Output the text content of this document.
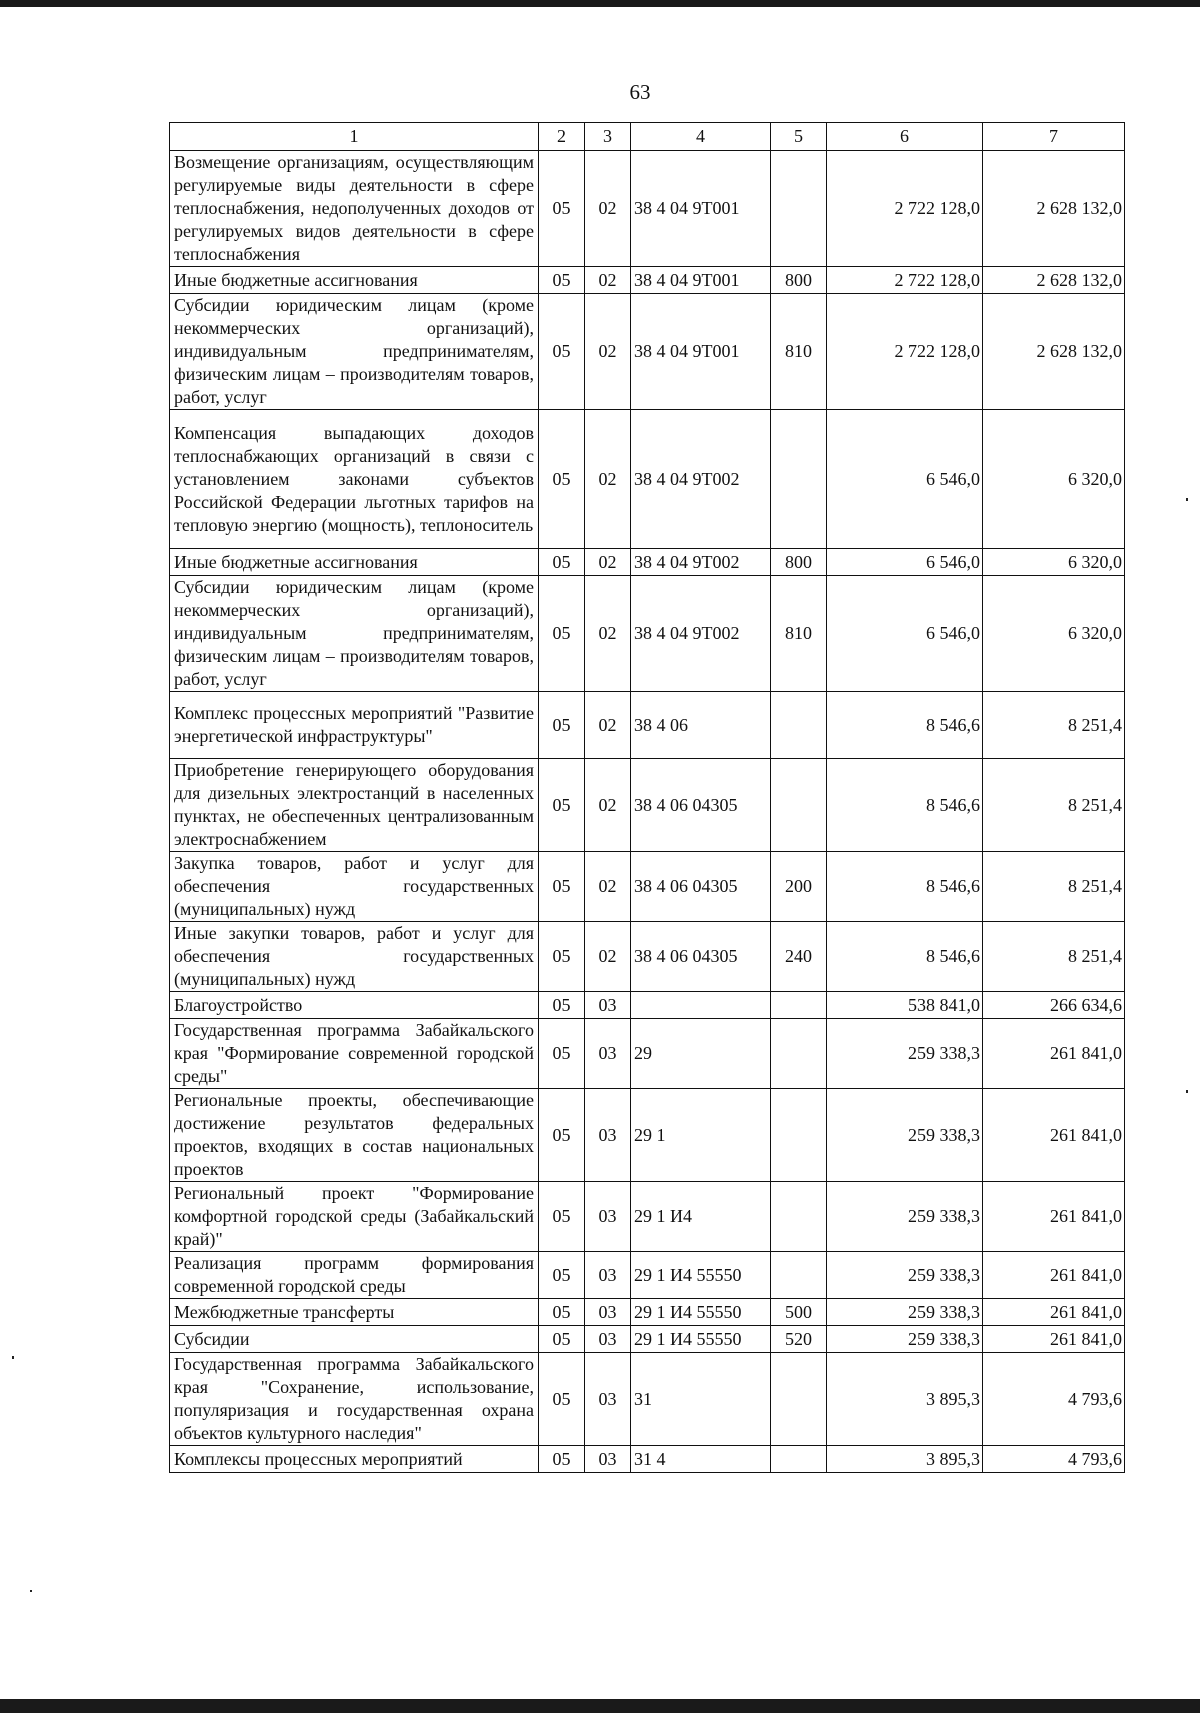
63
1	2	3	4	5	6	7
Возмещение организациям, осуществляющим регулируемые виды деятельности в сфере теплоснабжения, недополученных доходов от регулируемых видов деятельности в сфере теплоснабжения	05	02	38 4 04 9Т001		2 722 128,0	2 628 132,0
Иные бюджетные ассигнования	05	02	38 4 04 9Т001	800	2 722 128,0	2 628 132,0
Субсидии юридическим лицам (кроме некоммерческих организаций), индивидуальным предпринимателям, физическим лицам – производителям товаров, работ, услуг	05	02	38 4 04 9Т001	810	2 722 128,0	2 628 132,0
Компенсация выпадающих доходов теплоснабжающих организаций в связи с установлением законами субъектов Российской Федерации льготных тарифов на тепловую энергию (мощность), теплоноситель	05	02	38 4 04 9Т002		6 546,0	6 320,0
Иные бюджетные ассигнования	05	02	38 4 04 9Т002	800	6 546,0	6 320,0
Субсидии юридическим лицам (кроме некоммерческих организаций), индивидуальным предпринимателям, физическим лицам – производителям товаров, работ, услуг	05	02	38 4 04 9Т002	810	6 546,0	6 320,0
Комплекс процессных мероприятий "Развитие энергетической инфраструктуры"	05	02	38 4 06		8 546,6	8 251,4
Приобретение генерирующего оборудования для дизельных электростанций в населенных пунктах, не обеспеченных централизованным электроснабжением	05	02	38 4 06 04305		8 546,6	8 251,4
Закупка товаров, работ и услуг для обеспечения государственных (муниципальных) нужд	05	02	38 4 06 04305	200	8 546,6	8 251,4
Иные закупки товаров, работ и услуг для обеспечения государственных (муниципальных) нужд	05	02	38 4 06 04305	240	8 546,6	8 251,4
Благоустройство	05	03			538 841,0	266 634,6
Государственная программа Забайкальского края "Формирование современной городской среды"	05	03	29		259 338,3	261 841,0
Региональные проекты, обеспечивающие достижение результатов федеральных проектов, входящих в состав национальных проектов	05	03	29 1		259 338,3	261 841,0
Региональный проект "Формирование комфортной городской среды (Забайкальский край)"	05	03	29 1 И4		259 338,3	261 841,0
Реализация программ формирования современной городской среды	05	03	29 1 И4 55550		259 338,3	261 841,0
Межбюджетные трансферты	05	03	29 1 И4 55550	500	259 338,3	261 841,0
Субсидии	05	03	29 1 И4 55550	520	259 338,3	261 841,0
Государственная программа Забайкальского края "Сохранение, использование, популяризация и государственная охрана объектов культурного наследия"	05	03	31		3 895,3	4 793,6
Комплексы процессных мероприятий	05	03	31 4		3 895,3	4 793,6
